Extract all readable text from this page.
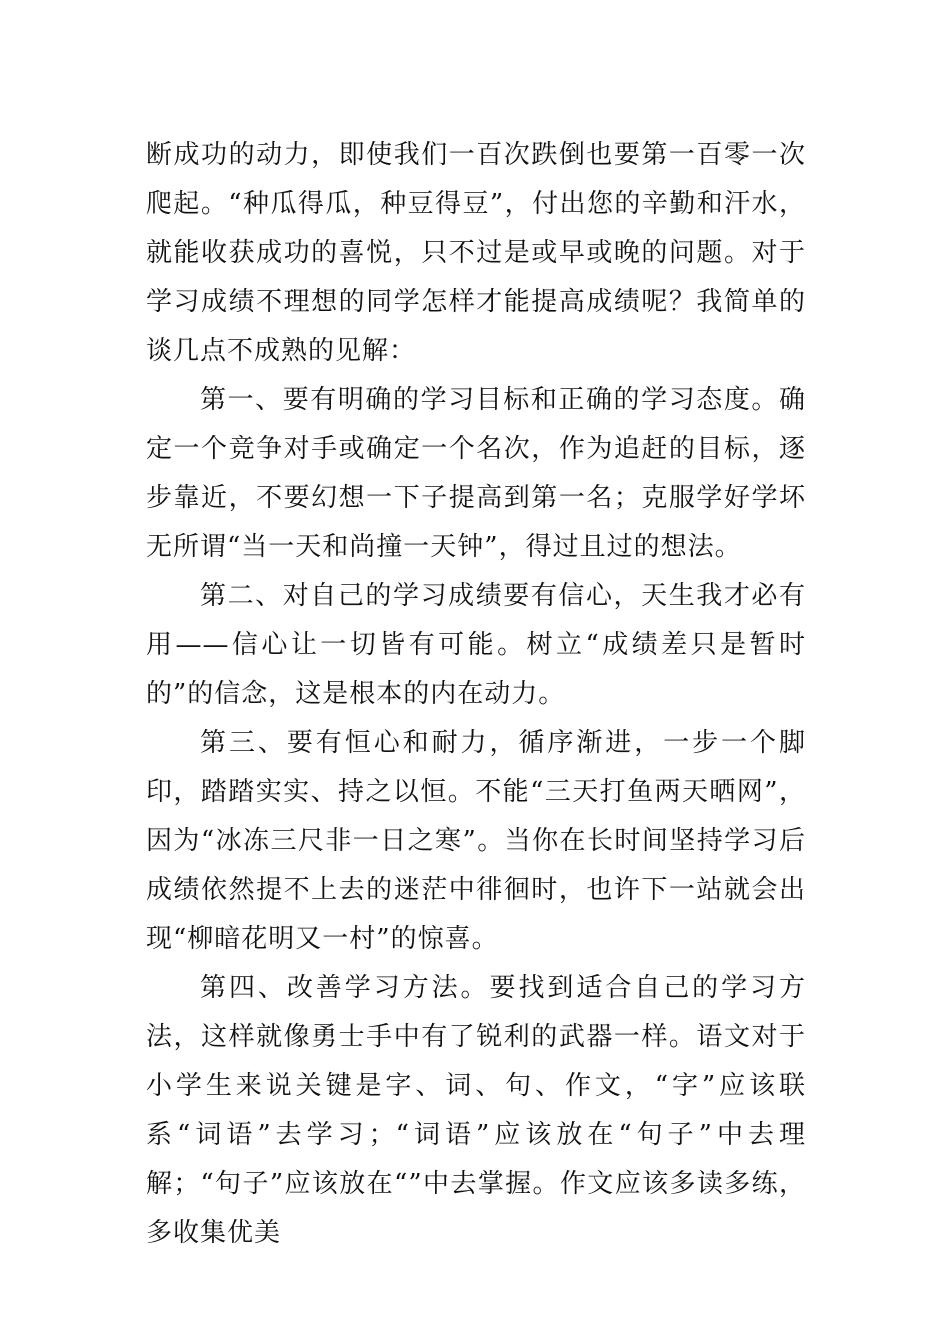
断成功的动力，即使我们一百次跌倒也要第一百零一次爬起。“种瓜得瓜，种豆得豆”，付出您的辛勤和汗水，就能收获成功的喜悦，只不过是或早或晚的问题。对于学习成绩不理想的同学怎样才能提高成绩呢？我简单的谈几点不成熟的见解：

第一、要有明确的学习目标和正确的学习态度。确定一个竞争对手或确定一个名次，作为追赶的目标，逐步靠近，不要幻想一下子提高到第一名；克服学好学坏无所谓“当一天和尚撞一天钟”，得过且过的想法。

第二、对自己的学习成绩要有信心，天生我才必有用——信心让一切皆有可能。树立“成绩差只是暂时的”的信念，这是根本的内在动力。

第三、要有恒心和耐力，循序渐进，一步一个脚印，踏踏实实、持之以恒。不能“三天打鱼两天晒网”，因为“冰冻三尺非一日之寒”。当你在长时间坚持学习后成绩依然提不上去的迷茫中徘徊时，也许下一站就会出现“柳暗花明又一村”的惊喜。

第四、改善学习方法。要找到适合自己的学习方法，这样就像勇士手中有了锐利的武器一样。语文对于小学生来说关键是字、词、句、作文，“字”应该联系“词语”去学习；“词语”应该放在“句子”中去理解；“句子”应该放在“”中去掌握。作文应该多读多练，多收集优美
